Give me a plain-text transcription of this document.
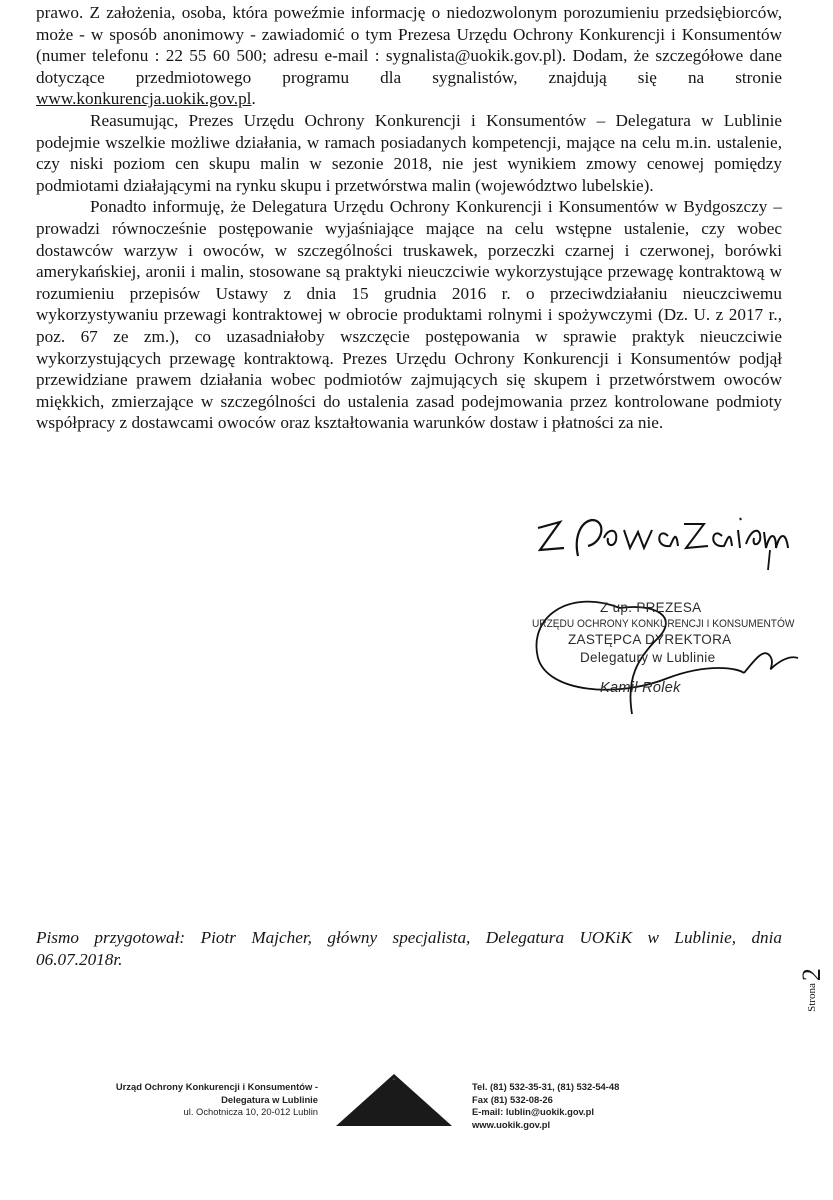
prawo. Z założenia, osoba, która poweźmie informację o niedozwolonym porozumieniu przedsiębiorców, może - w sposób anonimowy - zawiadomić o tym Prezesa Urzędu Ochrony Konkurencji i Konsumentów (numer telefonu : 22 55 60 500; adresu e-mail : sygnalista@uokik.gov.pl). Dodam, że szczegółowe dane dotyczące przedmiotowego programu dla sygnalistów, znajdują się na stronie www.konkurencja.uokik.gov.pl.

Reasumując, Prezes Urzędu Ochrony Konkurencji i Konsumentów – Delegatura w Lublinie podejmie wszelkie możliwe działania, w ramach posiadanych kompetencji, mające na celu m.in. ustalenie, czy niski poziom cen skupu malin w sezonie 2018, nie jest wynikiem zmowy cenowej pomiędzy podmiotami działającymi na rynku skupu i przetwórstwa malin (województwo lubelskie).

Ponadto informuję, że Delegatura Urzędu Ochrony Konkurencji i Konsumentów w Bydgoszczy – prowadzi równocześnie postępowanie wyjaśniające mające na celu wstępne ustalenie, czy wobec dostawców warzyw i owoców, w szczególności truskawek, porzeczki czarnej i czerwonej, borówki amerykańskiej, aronii i malin, stosowane są praktyki nieuczciwie wykorzystujące przewagę kontraktową w rozumieniu przepisów Ustawy z dnia 15 grudnia 2016 r. o przeciwdziałaniu nieuczciwemu wykorzystywaniu przewagi kontraktowej w obrocie produktami rolnymi i spożywczymi (Dz. U. z 2017 r., poz. 67 ze zm.), co uzasadniałoby wszczęcie postępowania w sprawie praktyk nieuczciwie wykorzystujących przewagę kontraktową. Prezes Urzędu Ochrony Konkurencji i Konsumentów podjął przewidziane prawem działania wobec podmiotów zajmujących się skupem i przetwórstwem owoców miękkich, zmierzające w szczególności do ustalenia zasad podejmowania przez kontrolowane podmioty współpracy z dostawcami owoców oraz kształtowania warunków dostaw i płatności za nie.

Z up. PREZESA
URZĘDU OCHRONY KONKURENCJI I KONSUMENTÓW
ZASTĘPCA DYREKTORA
Delegatury w Lublinie
Kamil Rolek
Pismo przygotował: Piotr Majcher, główny specjalista, Delegatura UOKiK w Lublinie, dnia
06.07.2018r.
Strona2
Urząd Ochrony Konkurencji i Konsumentów -
Delegatura w Lublinie
ul. Ochotnicza 10, 20-012 Lublin
Tel. (81) 532-35-31, (81) 532-54-48
Fax (81) 532-08-26
E-mail: lublin@uokik.gov.pl
www.uokik.gov.pl
